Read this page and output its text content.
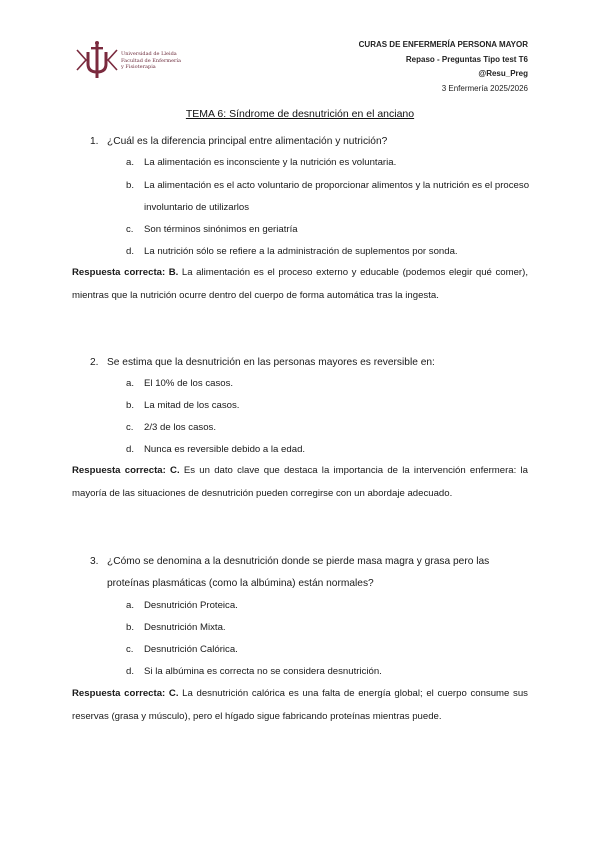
Universidad de Lleida
Facultad de Enfermería
y Fisioterapia
CURAS DE ENFERMERÍA PERSONA MAYOR
Repaso - Preguntas Tipo test T6
@Resu_Preg
3 Enfermería 2025/2026
TEMA 6: Síndrome de desnutrición en el anciano
1. ¿Cuál es la diferencia principal entre alimentación y nutrición?
a. La alimentación es inconsciente y la nutrición es voluntaria.
b. La alimentación es el acto voluntario de proporcionar alimentos y la nutrición es el proceso involuntario de utilizarlos
c. Son términos sinónimos en geriatría
d. La nutrición sólo se refiere a la administración de suplementos por sonda.
Respuesta correcta: B. La alimentación es el proceso externo y educable (podemos elegir qué comer), mientras que la nutrición ocurre dentro del cuerpo de forma automática tras la ingesta.
2. Se estima que la desnutrición en las personas mayores es reversible en:
a. El 10% de los casos.
b. La mitad de los casos.
c. 2/3 de los casos.
d. Nunca es reversible debido a la edad.
Respuesta correcta: C. Es un dato clave que destaca la importancia de la intervención enfermera: la mayoría de las situaciones de desnutrición pueden corregirse con un abordaje adecuado.
3. ¿Cómo se denomina a la desnutrición donde se pierde masa magra y grasa pero las proteínas plasmáticas (como la albúmina) están normales?
a. Desnutrición Proteica.
b. Desnutrición Mixta.
c. Desnutrición Calórica.
d. Si la albúmina es correcta no se considera desnutrición.
Respuesta correcta: C. La desnutrición calórica es una falta de energía global; el cuerpo consume sus reservas (grasa y músculo), pero el hígado sigue fabricando proteínas mientras puede.
